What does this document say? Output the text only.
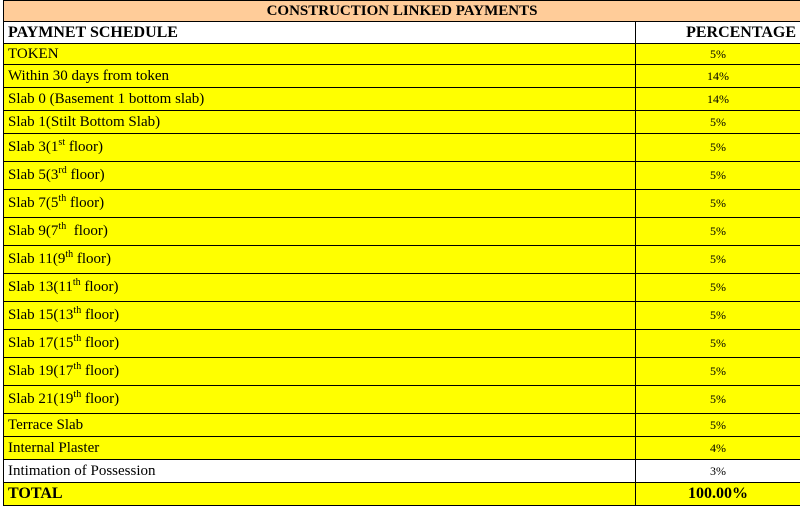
CONSTRUCTION LINKED PAYMENTS	
PAYMNET SCHEDULE	PERCENTAGE
TOKEN	5%
Within 30 days from token	14%
Slab 0 (Basement 1 bottom slab)	14%
Slab 1(Stilt Bottom Slab)	5%
Slab 3(1st floor)	5%
Slab 5(3rd floor)	5%
Slab 7(5th floor)	5%
Slab 9(7th  floor)	5%
Slab 11(9th floor)	5%
Slab 13(11th floor)	5%
Slab 15(13th floor)	5%
Slab 17(15th floor)	5%
Slab 19(17th floor)	5%
Slab 21(19th floor)	5%
Terrace Slab	5%
Internal Plaster	4%
Intimation of Possession	3%
TOTAL	100.00%
